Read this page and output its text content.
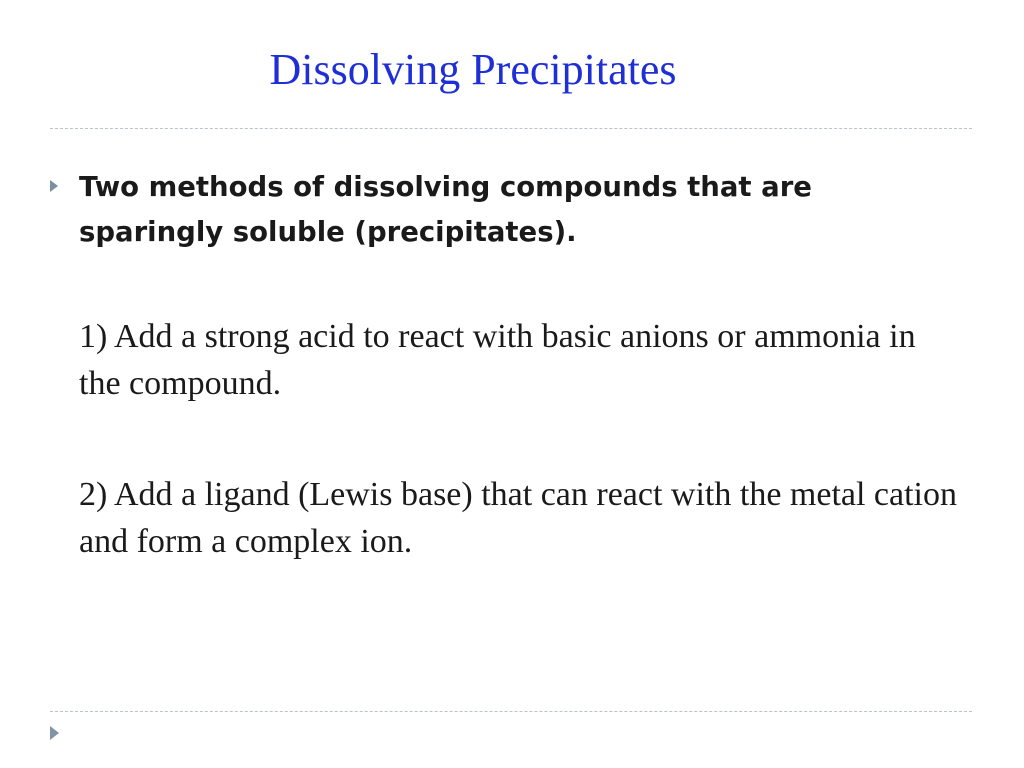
Dissolving Precipitates

Two methods of dissolving compounds that are sparingly soluble (precipitates).

1) Add a strong acid to react with basic anions or ammonia in the compound.

2) Add a ligand (Lewis base) that can react with the metal cation and form a complex ion.
